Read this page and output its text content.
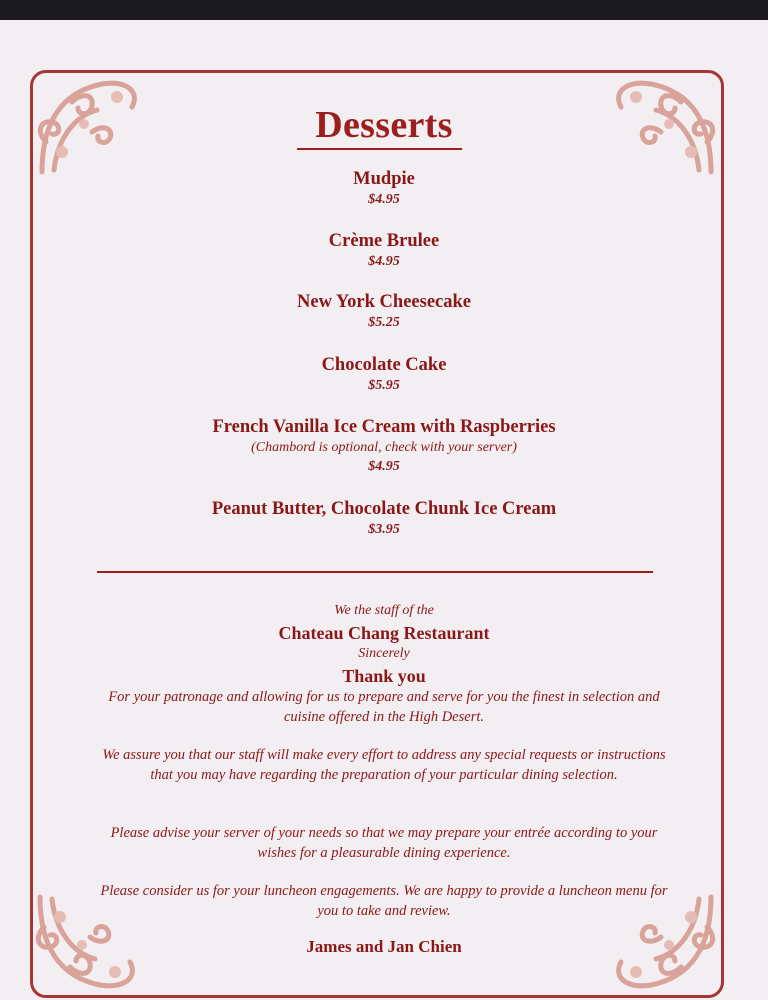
Desserts
Mudpie
$4.95
Crème Brulee
$4.95
New York Cheesecake
$5.25
Chocolate Cake
$5.95
French Vanilla Ice Cream with Raspberries
(Chambord is optional, check with your server)
$4.95
Peanut Butter, Chocolate Chunk Ice Cream
$3.95
We the staff of the
Chateau Chang Restaurant
Sincerely
Thank you
For your patronage and allowing for us to prepare and serve for you the finest in selection and cuisine offered in the High Desert.
We assure you that our staff will make every effort to address any special requests or instructions that you may have regarding the preparation of your particular dining selection.
Please advise your server of your needs so that we may prepare your entrée according to your wishes for a pleasurable dining experience.
Please consider us for your luncheon engagements. We are happy to provide a luncheon menu for you to take and review.
James and Jan Chien
